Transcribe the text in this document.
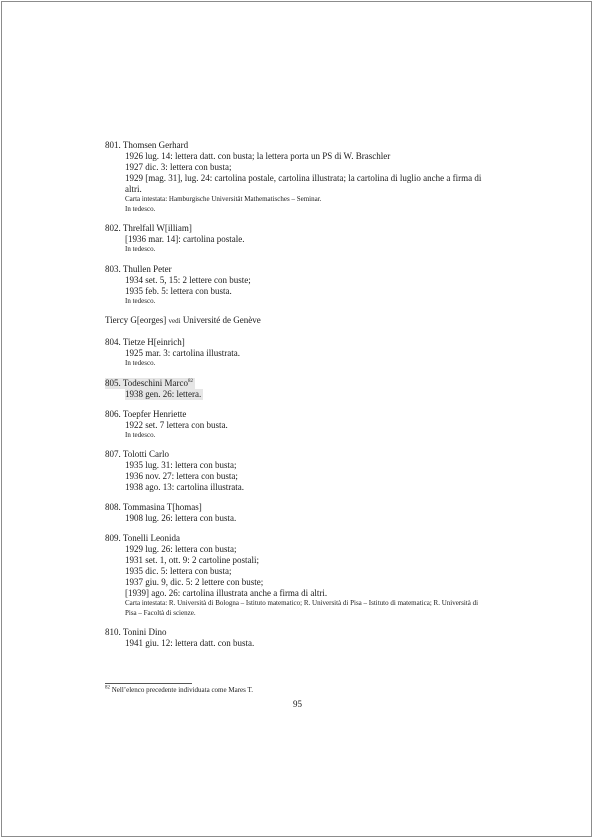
801. Thomsen Gerhard
1926 lug. 14: lettera datt. con busta; la lettera porta un PS di W. Braschler
1927 dic. 3: lettera con busta;
1929 [mag. 31], lug. 24: cartolina postale, cartolina illustrata; la cartolina di luglio anche a firma di altri.
Carta intestata: Hamburgische Universität Mathematisches – Seminar.
In tedesco.
802. Threlfall W[illiam]
[1936 mar. 14]: cartolina postale.
In tedesco.
803. Thullen Peter
1934 set. 5, 15: 2 lettere con buste;
1935 feb. 5: lettera con busta.
In tedesco.
Tiercy G[eorges] vedi Université de Genève
804. Tietze H[einrich]
1925 mar. 3: cartolina illustrata.
In tedesco.
805. Todeschini Marco$^{82}$
1938 gen. 26: lettera.
806. Toepfer Henriette
1922 set. 7 lettera con busta.
In tedesco.
807. Tolotti Carlo
1935 lug. 31: lettera con busta;
1936 nov. 27: lettera con busta;
1938 ago. 13: cartolina illustrata.
808. Tommasina T[homas]
1908 lug. 26: lettera con busta.
809. Tonelli Leonida
1929 lug. 26: lettera con busta;
1931 set. 1, ott. 9: 2 cartoline postali;
1935 dic. 5: lettera con busta;
1937 giu. 9, dic. 5: 2 lettere con buste;
[1939] ago. 26: cartolina illustrata anche a firma di altri.
Carta intestata: R. Università di Bologna – Istituto matematico; R. Università di Pisa – Istituto di matematica; R. Università di Pisa – Facoltà di scienze.
810. Tonini Dino
1941 giu. 12: lettera datt. con busta.
$^{82}$ Nell’elenco precedente individuata come Mares T.
95
